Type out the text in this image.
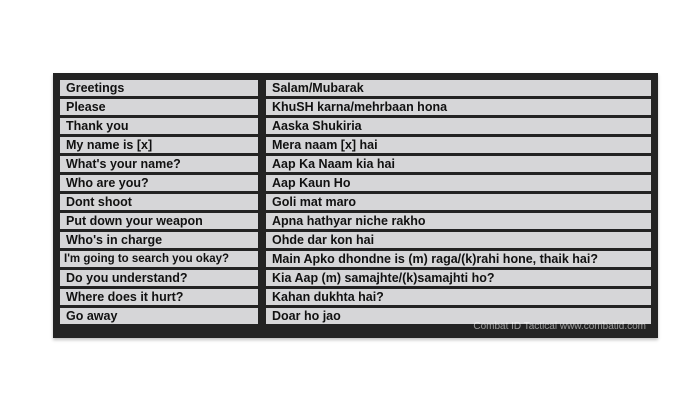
Greetings	Salam/Mubarak
Please	KhuSH karna/mehrbaan hona
Thank you	Aaska Shukiria
My name is [x]	Mera naam [x] hai
What's your name?	Aap Ka Naam kia hai
Who are you?	Aap Kaun Ho
Dont shoot	Goli mat maro
Put down your weapon	Apna hathyar niche rakho
Who's in charge	Ohde dar kon hai
I'm going to search you okay?	Main Apko dhondne is (m) raga/(k)rahi hone, thaik hai?
Do you understand?	Kia Aap (m) samajhte/(k)samajhti ho?
Where does it hurt?	Kahan dukhta hai?
Go away	Doar ho jao
Combat ID Tactical www.combatid.com
